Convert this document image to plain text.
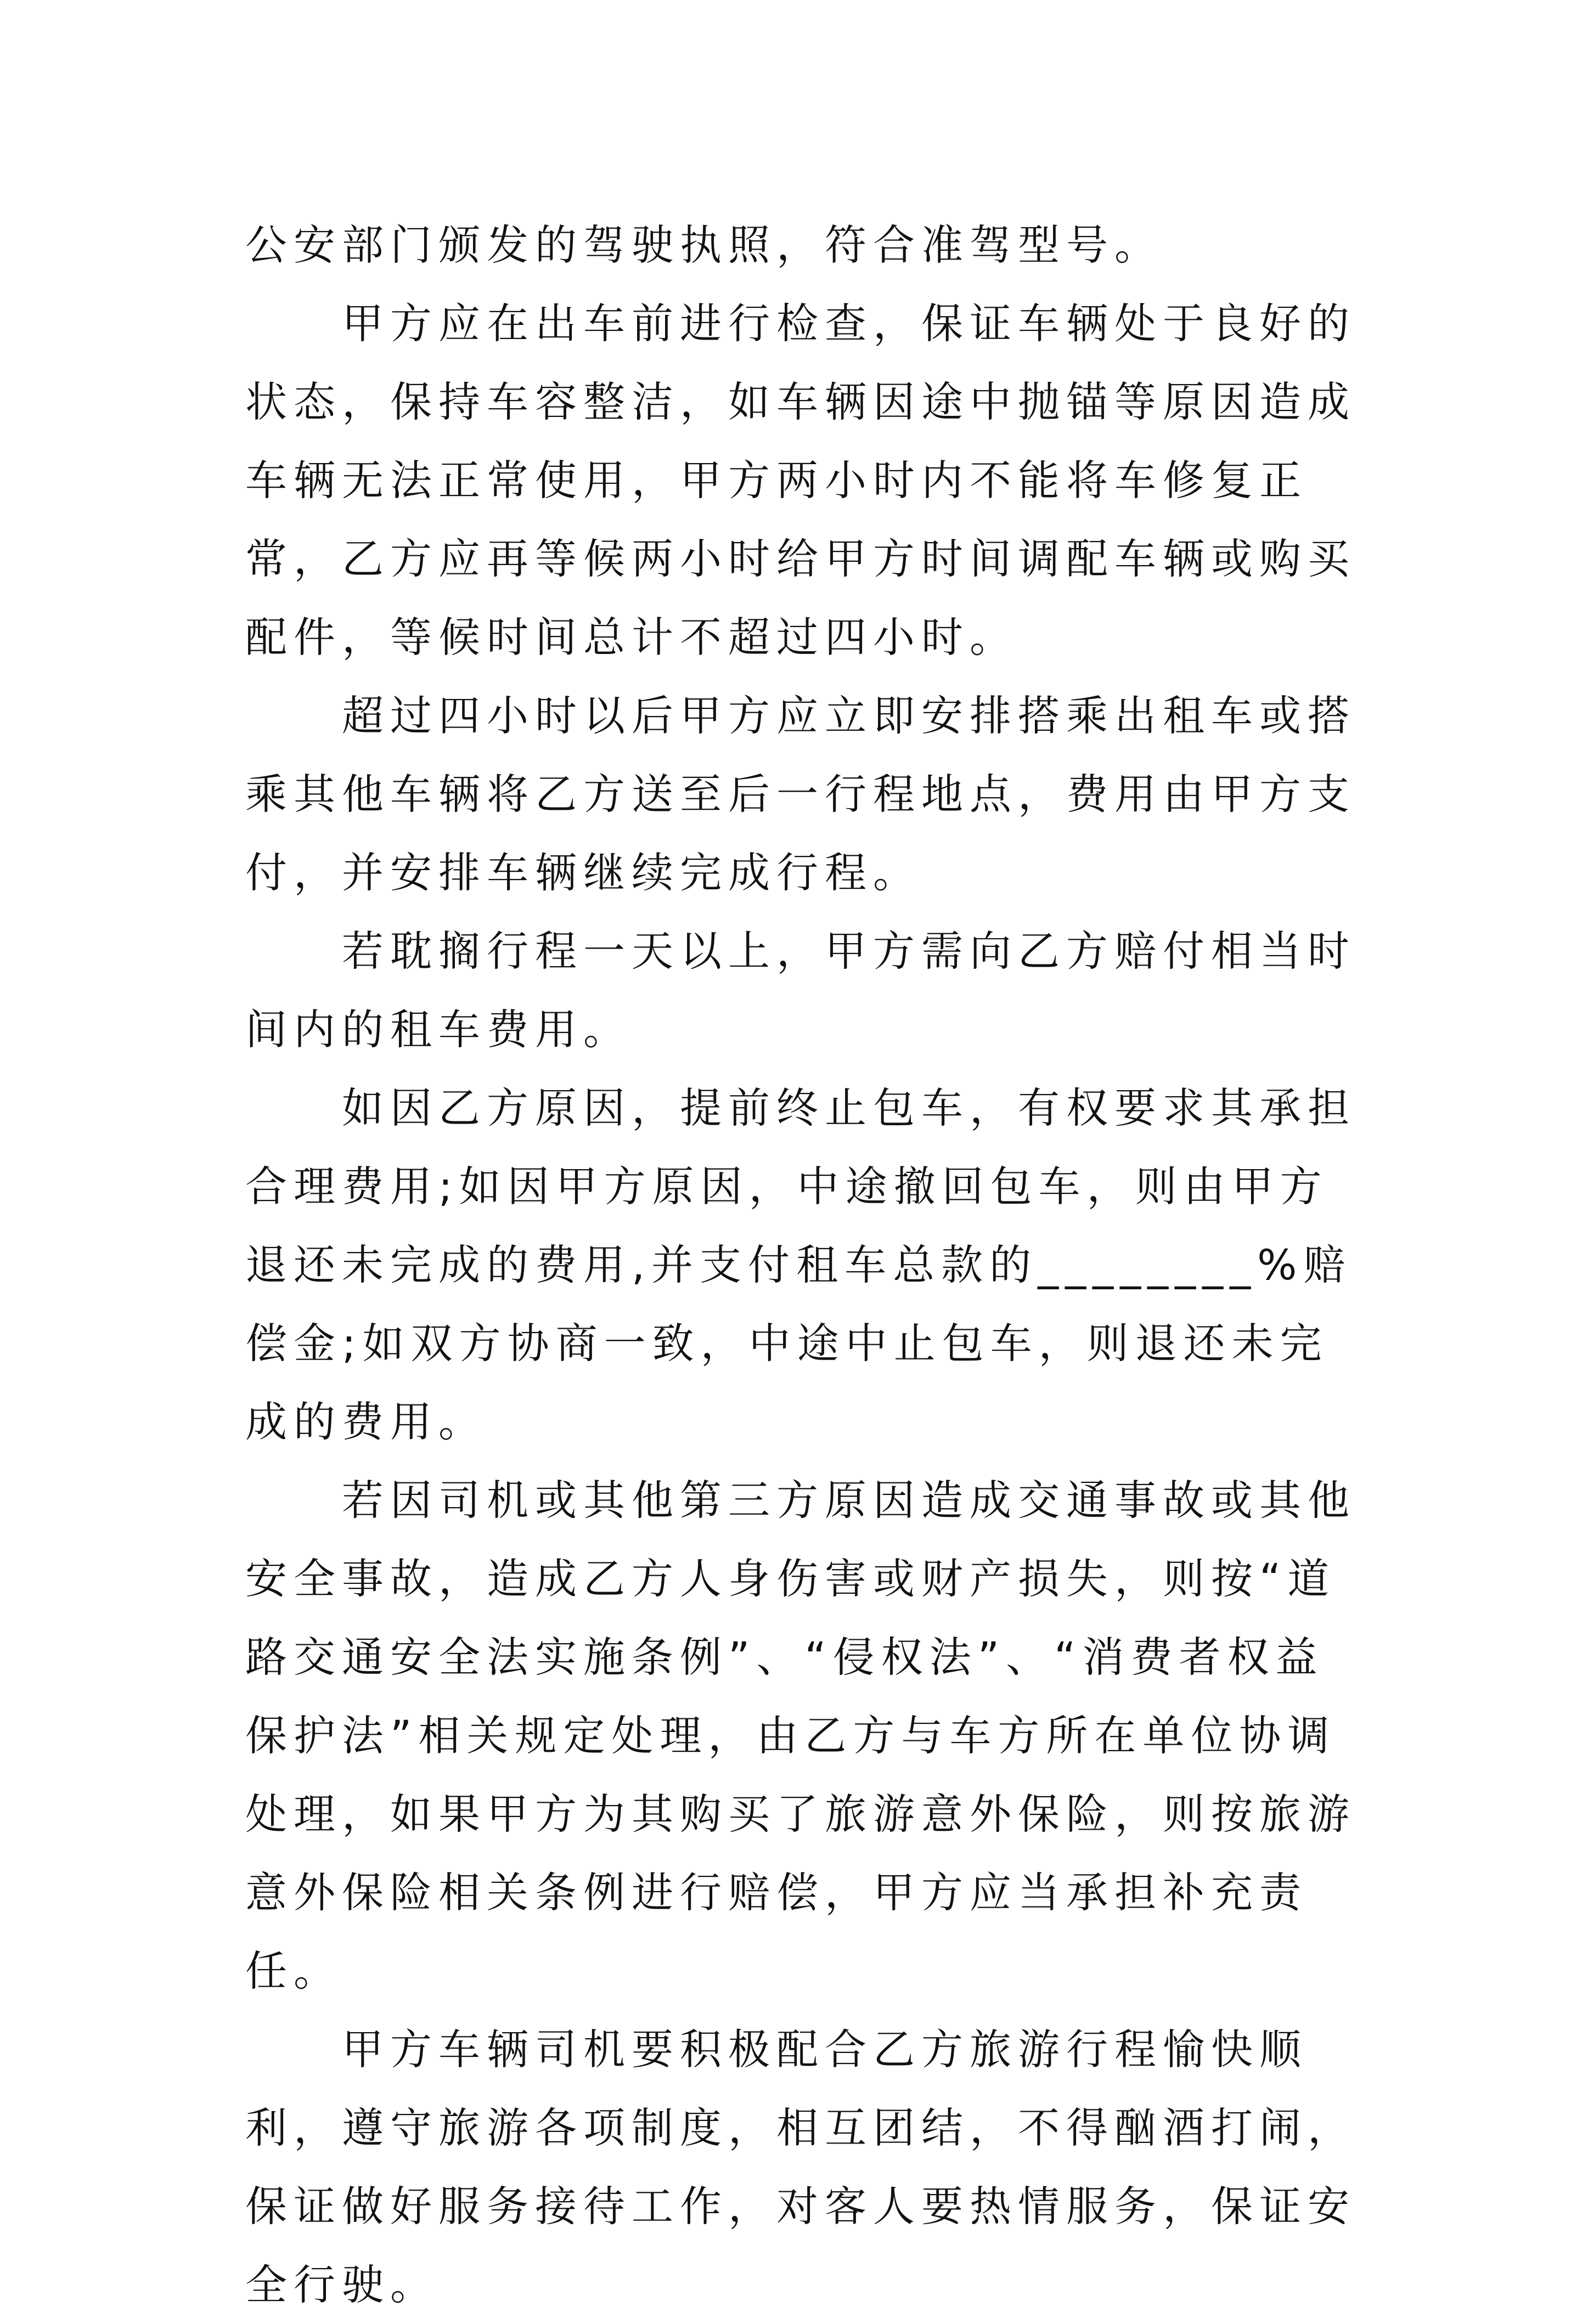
公安部门颁发的驾驶执照，符合准驾型号。

甲方应在出车前进行检查，保证车辆处于良好的状态，保持车容整洁，如车辆因途中抛锚等原因造成车辆无法正常使用，甲方两小时内不能将车修复正常，乙方应再等候两小时给甲方时间调配车辆或购买配件，等候时间总计不超过四小时。

超过四小时以后甲方应立即安排搭乘出租车或搭乘其他车辆将乙方送至后一行程地点，费用由甲方支付，并安排车辆继续完成行程。

若耽搁行程一天以上，甲方需向乙方赔付相当时间内的租车费用。

如因乙方原因，提前终止包车，有权要求其承担合理费用;如因甲方原因，中途撤回包车，则由甲方退还未完成的费用,并支付租车总款的________%赔偿金;如双方协商一致，中途中止包车，则退还未完成的费用。

若因司机或其他第三方原因造成交通事故或其他安全事故，造成乙方人身伤害或财产损失，则按“道路交通安全法实施条例”、“侵权法”、“消费者权益保护法”相关规定处理，由乙方与车方所在单位协调处理，如果甲方为其购买了旅游意外保险，则按旅游意外保险相关条例进行赔偿，甲方应当承担补充责任。

甲方车辆司机要积极配合乙方旅游行程愉快顺利，遵守旅游各项制度，相互团结，不得酗酒打闹，保证做好服务接待工作，对客人要热情服务，保证安全行驶。
